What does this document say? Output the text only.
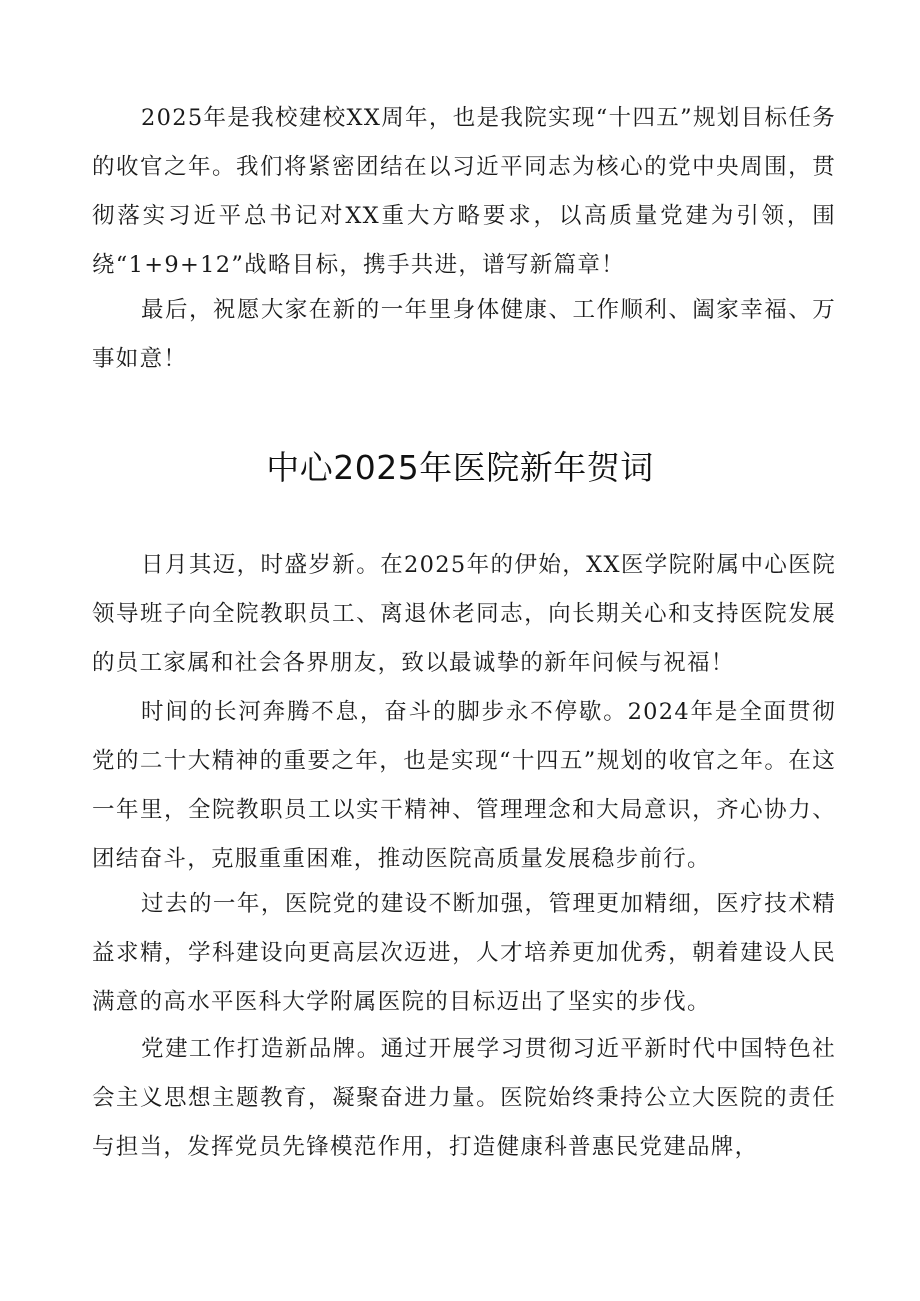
2025年是我校建校XX周年，也是我院实现“十四五”规划目标任务的收官之年。我们将紧密团结在以习近平同志为核心的党中央周围，贯彻落实习近平总书记对XX重大方略要求，以高质量党建为引领，围绕“1+9+12”战略目标，携手共进，谱写新篇章！

最后，祝愿大家在新的一年里身体健康、工作顺利、阖家幸福、万事如意！

中心2025年医院新年贺词

日月其迈，时盛岁新。在2025年的伊始，XX医学院附属中心医院领导班子向全院教职员工、离退休老同志，向长期关心和支持医院发展的员工家属和社会各界朋友，致以最诚挚的新年问候与祝福！

时间的长河奔腾不息，奋斗的脚步永不停歇。2024年是全面贯彻党的二十大精神的重要之年，也是实现“十四五”规划的收官之年。在这一年里，全院教职员工以实干精神、管理理念和大局意识，齐心协力、团结奋斗，克服重重困难，推动医院高质量发展稳步前行。

过去的一年，医院党的建设不断加强，管理更加精细，医疗技术精益求精，学科建设向更高层次迈进，人才培养更加优秀，朝着建设人民满意的高水平医科大学附属医院的目标迈出了坚实的步伐。

党建工作打造新品牌。通过开展学习贯彻习近平新时代中国特色社会主义思想主题教育，凝聚奋进力量。医院始终秉持公立大医院的责任与担当，发挥党员先锋模范作用，打造健康科普惠民党建品牌，
